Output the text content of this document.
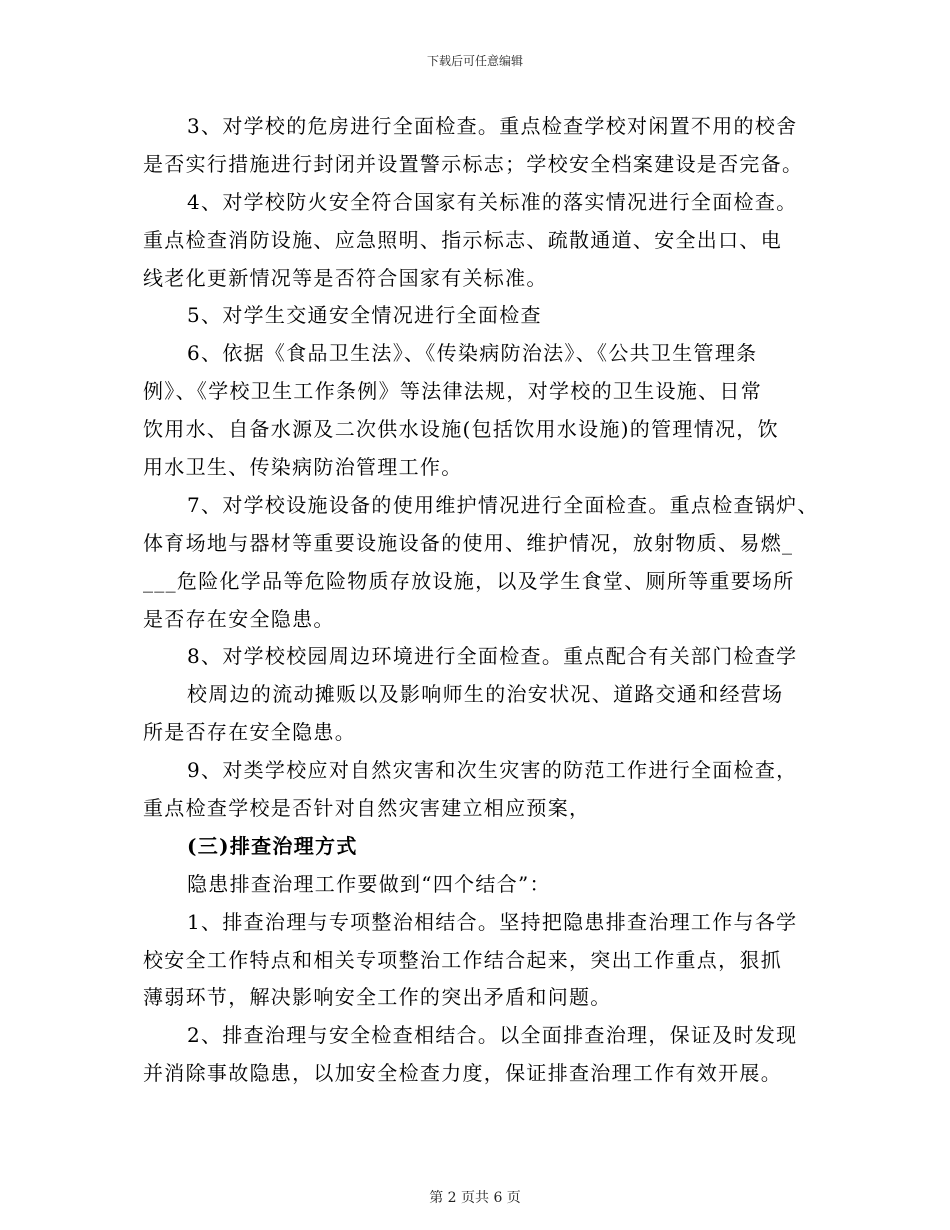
下载后可任意编辑
3、对学校的危房进行全面检查。重点检查学校对闲置不用的校舍
是否实行措施进行封闭并设置警示标志；学校安全档案建设是否完备。
4、对学校防火安全符合国家有关标准的落实情况进行全面检查。
重点检查消防设施、应急照明、指示标志、疏散通道、安全出口、电
线老化更新情况等是否符合国家有关标准。
5、对学生交通安全情况进行全面检查
6、依据《食品卫生法》、《传染病防治法》、《公共卫生管理条
例》、《学校卫生工作条例》等法律法规，对学校的卫生设施、日常
饮用水、自备水源及二次供水设施(包括饮用水设施)的管理情况，饮
用水卫生、传染病防治管理工作。
7、对学校设施设备的使用维护情况进行全面检查。重点检查锅炉、
体育场地与器材等重要设施设备的使用、维护情况，放射物质、易燃_
___危险化学品等危险物质存放设施，以及学生食堂、厕所等重要场所
是否存在安全隐患。
8、对学校校园周边环境进行全面检查。重点配合有关部门检查学
校周边的流动摊贩以及影响师生的治安状况、道路交通和经营场
所是否存在安全隐患。
9、对类学校应对自然灾害和次生灾害的防范工作进行全面检查，
重点检查学校是否针对自然灾害建立相应预案，
(三)排查治理方式
隐患排查治理工作要做到“四个结合”：
1、排查治理与专项整治相结合。坚持把隐患排查治理工作与各学
校安全工作特点和相关专项整治工作结合起来，突出工作重点，狠抓
薄弱环节，解决影响安全工作的突出矛盾和问题。
2、排查治理与安全检查相结合。以全面排查治理，保证及时发现
并消除事故隐患，以加安全检查力度，保证排查治理工作有效开展。
第 2 页共 6 页
